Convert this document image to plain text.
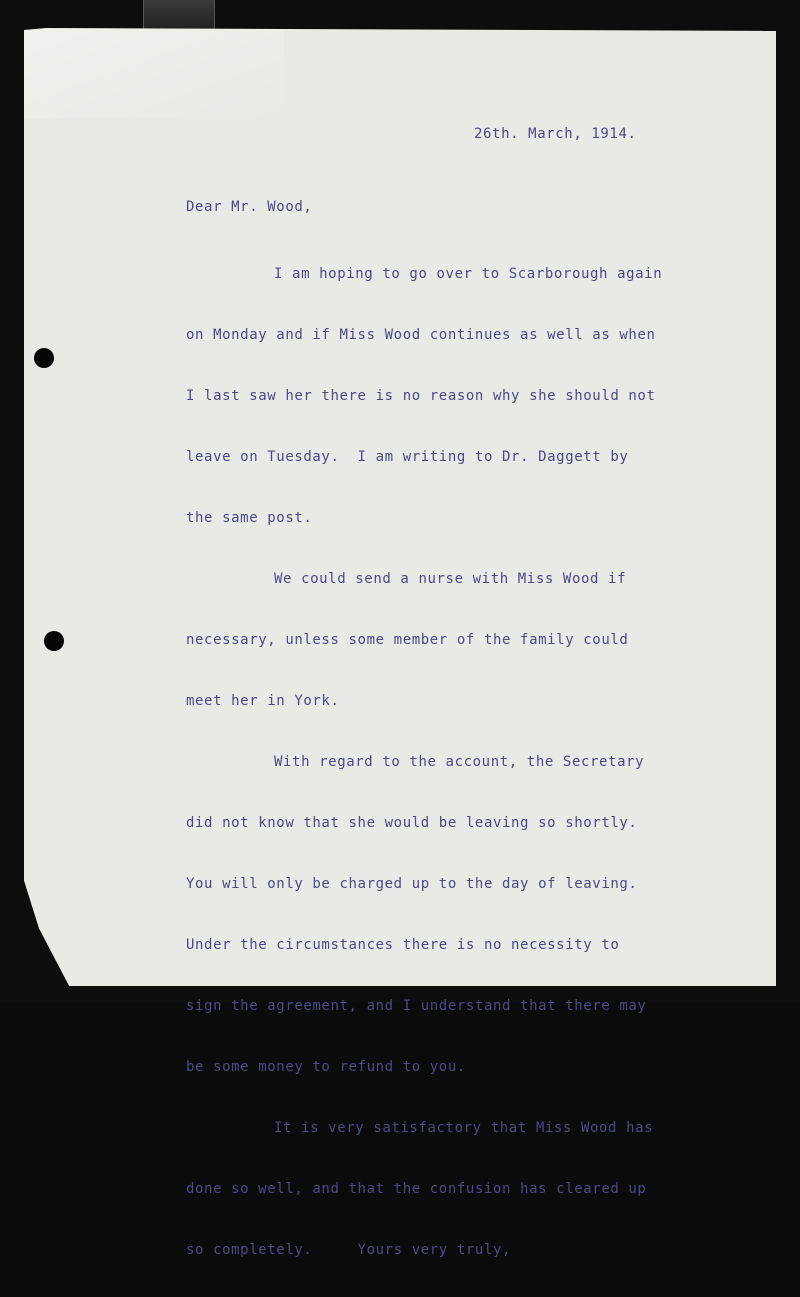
26th. March, 1914.
Dear Mr. Wood,

I am hoping to go over to Scarborough again

on Monday and if Miss Wood continues as well as when

I last saw her there is no reason why she should not

leave on Tuesday.  I am writing to Dr. Daggett by

the same post.

We could send a nurse with Miss Wood if

necessary, unless some member of the family could

meet her in York.

With regard to the account, the Secretary

did not know that she would be leaving so shortly.

You will only be charged up to the day of leaving.

Under the circumstances there is no necessity to

sign the agreement, and I understand that there may

be some money to refund to you.

It is very satisfactory that Miss Wood has

done so well, and that the confusion has cleared up

so completely.     Yours very truly,
